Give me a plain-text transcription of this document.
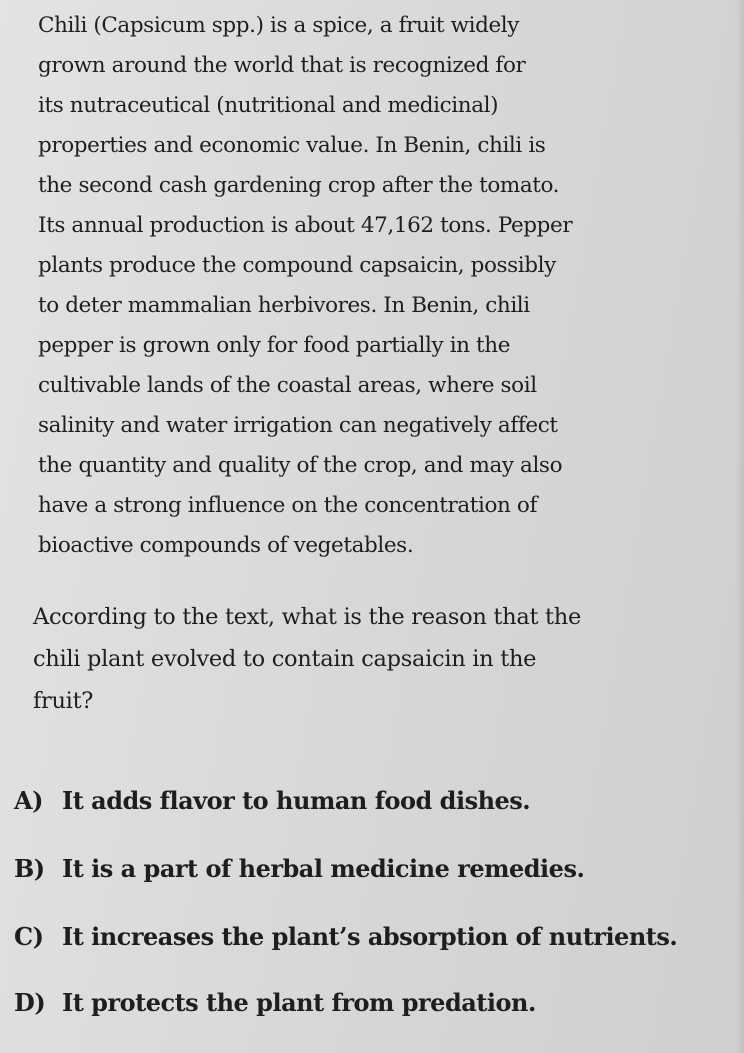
Chili (Capsicum spp.) is a spice, a fruit widely
grown around the world that is recognized for
its nutraceutical (nutritional and medicinal)
properties and economic value. In Benin, chili is
the second cash gardening crop after the tomato.
Its annual production is about 47,162 tons. Pepper
plants produce the compound capsaicin, possibly
to deter mammalian herbivores. In Benin, chili
pepper is grown only for food partially in the
cultivable lands of the coastal areas, where soil
salinity and water irrigation can negatively affect
the quantity and quality of the crop, and may also
have a strong influence on the concentration of
bioactive compounds of vegetables.
According to the text, what is the reason that the
chili plant evolved to contain capsaicin in the
fruit?
A) It adds flavor to human food dishes.
B) It is a part of herbal medicine remedies.
C) It increases the plant’s absorption of nutrients.
D) It protects the plant from predation.
